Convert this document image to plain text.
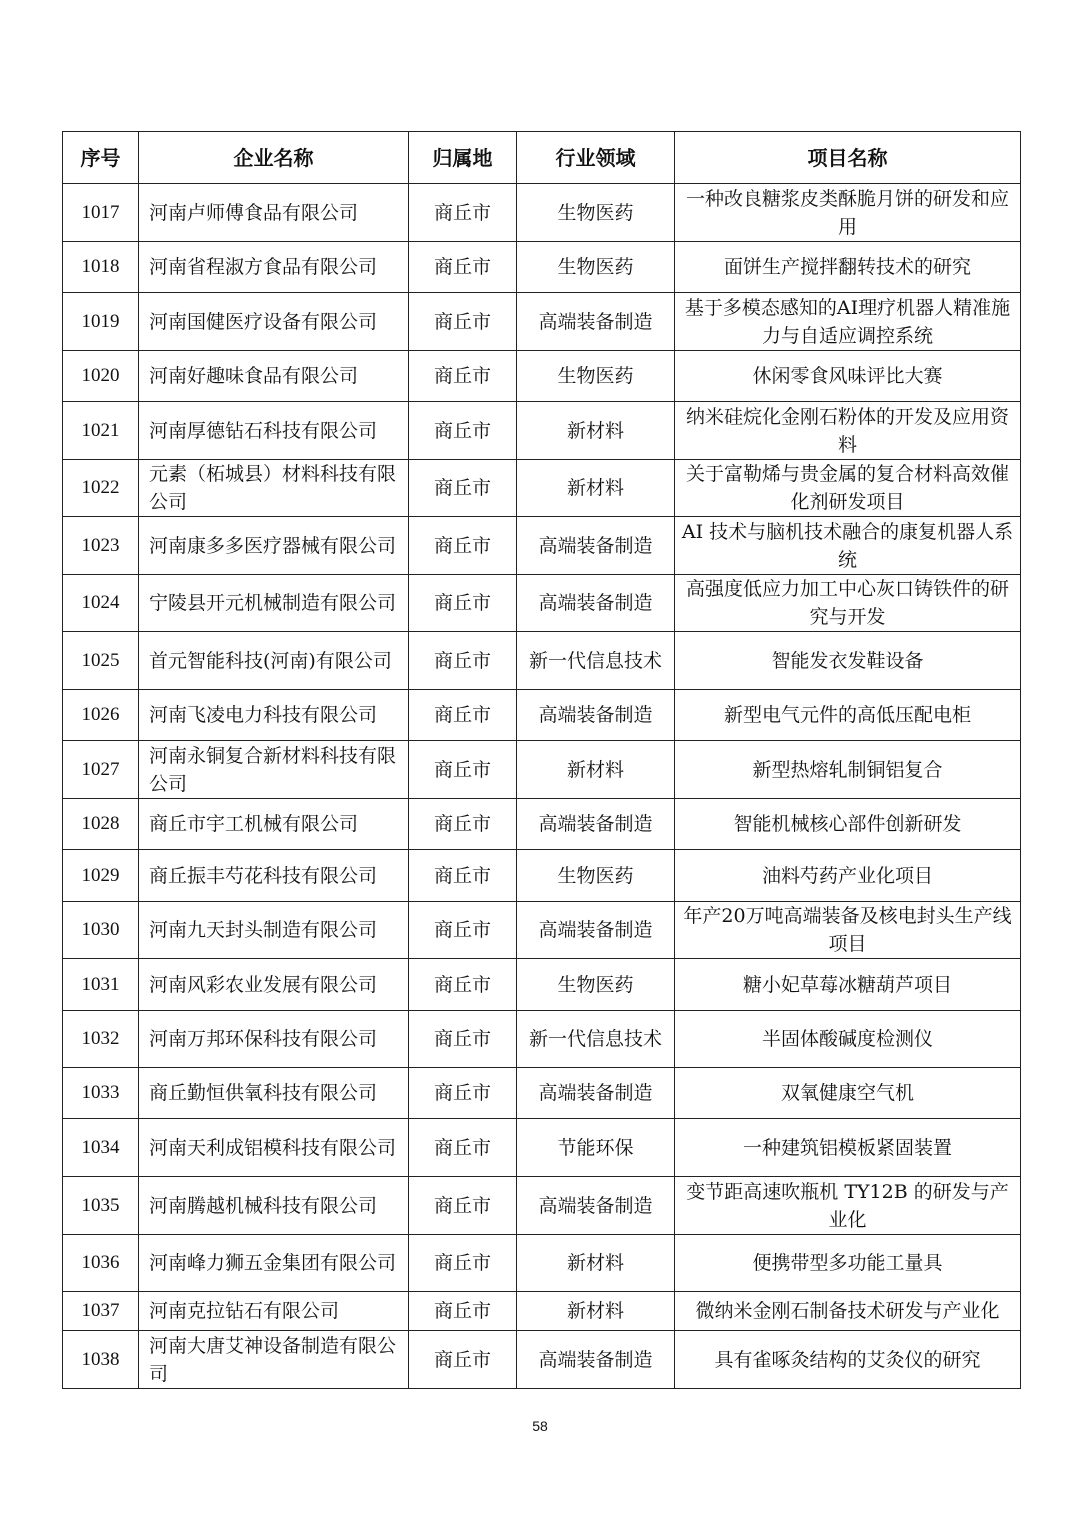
序号	企业名称	归属地	行业领域	项目名称
1017	河南卢师傅食品有限公司	商丘市	生物医药	一种改良糖浆皮类酥脆月饼的研发和应用
1018	河南省程淑方食品有限公司	商丘市	生物医药	面饼生产搅拌翻转技术的研究
1019	河南国健医疗设备有限公司	商丘市	高端装备制造	基于多模态感知的AI理疗机器人精准施力与自适应调控系统
1020	河南好趣味食品有限公司	商丘市	生物医药	休闲零食风味评比大赛
1021	河南厚德钻石科技有限公司	商丘市	新材料	纳米硅烷化金刚石粉体的开发及应用资料
1022	元素（柘城县）材料科技有限公司	商丘市	新材料	关于富勒烯与贵金属的复合材料高效催化剂研发项目
1023	河南康多多医疗器械有限公司	商丘市	高端装备制造	AI 技术与脑机技术融合的康复机器人系统
1024	宁陵县开元机械制造有限公司	商丘市	高端装备制造	高强度低应力加工中心灰口铸铁件的研究与开发
1025	首元智能科技(河南)有限公司	商丘市	新一代信息技术	智能发衣发鞋设备
1026	河南飞凌电力科技有限公司	商丘市	高端装备制造	新型电气元件的高低压配电柜
1027	河南永铜复合新材料科技有限公司	商丘市	新材料	新型热熔轧制铜铝复合
1028	商丘市宇工机械有限公司	商丘市	高端装备制造	智能机械核心部件创新研发
1029	商丘振丰芍花科技有限公司	商丘市	生物医药	油料芍药产业化项目
1030	河南九天封头制造有限公司	商丘市	高端装备制造	年产20万吨高端装备及核电封头生产线项目
1031	河南风彩农业发展有限公司	商丘市	生物医药	糖小妃草莓冰糖葫芦项目
1032	河南万邦环保科技有限公司	商丘市	新一代信息技术	半固体酸碱度检测仪
1033	商丘勤恒供氧科技有限公司	商丘市	高端装备制造	双氧健康空气机
1034	河南天利成铝模科技有限公司	商丘市	节能环保	一种建筑铝模板紧固装置
1035	河南腾越机械科技有限公司	商丘市	高端装备制造	变节距高速吹瓶机 TY12B 的研发与产业化
1036	河南峰力狮五金集团有限公司	商丘市	新材料	便携带型多功能工量具
1037	河南克拉钻石有限公司	商丘市	新材料	微纳米金刚石制备技术研发与产业化
1038	河南大唐艾神设备制造有限公司	商丘市	高端装备制造	具有雀啄灸结构的艾灸仪的研究
58
